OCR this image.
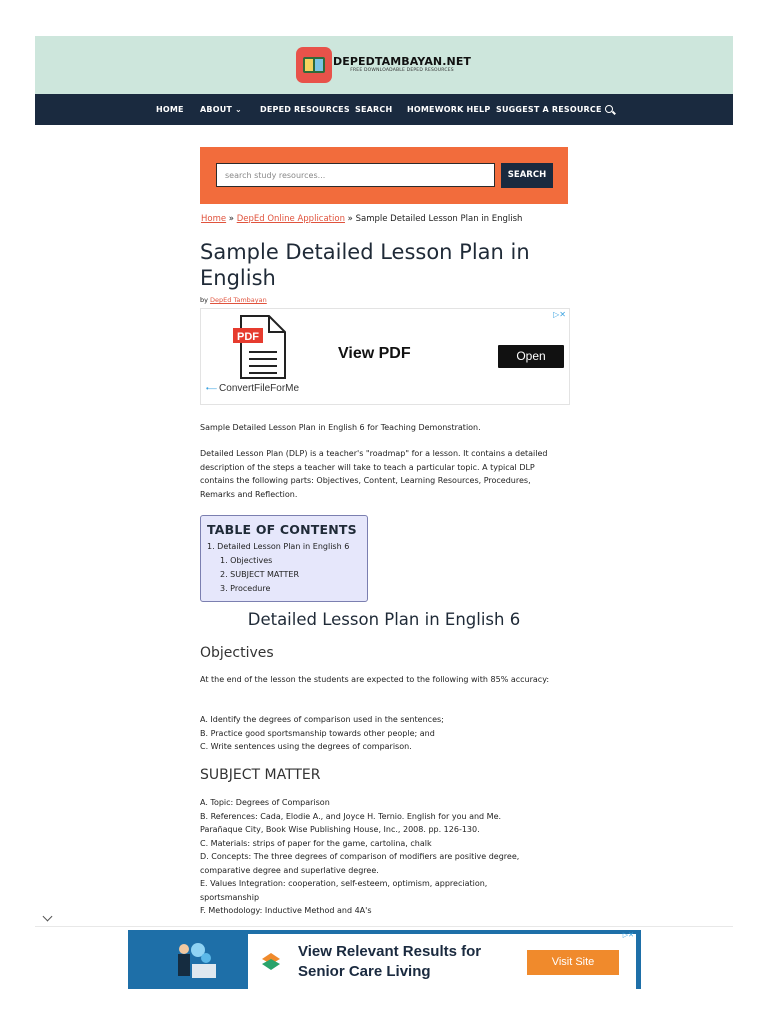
DEPEDTAMBAYAN.NET
FREE DOWNLOADABLE DEPED RESOURCES
HOME ABOUT ⌄ DEPED RESOURCES SEARCH HOMEWORK HELP SUGGEST A RESOURCE
search study resources...
SEARCH
Home » DepEd Online Application » Sample Detailed Lesson Plan in English
Sample Detailed Lesson Plan in English
by DepEd Tambayan
▷✕
PDF
View PDF	Open
•— ConvertFileForMe

Sample Detailed Lesson Plan in English 6 for Teaching Demonstration.

Detailed Lesson Plan (DLP) is a teacher's "roadmap" for a lesson. It contains a detailed description of the steps a teacher will take to teach a particular topic. A typical DLP contains the following parts: Objectives, Content, Learning Resources, Procedures, Remarks and Reflection.

TABLE OF CONTENTS
1. Detailed Lesson Plan in English 6
1. Objectives
2. SUBJECT MATTER
3. Procedure
Detailed Lesson Plan in English 6
Objectives

At the end of the lesson the students are expected to the following with 85% accuracy:

A. Identify the degrees of comparison used in the sentences;

B. Practice good sportsmanship towards other people; and

C. Write sentences using the degrees of comparison.

SUBJECT MATTER

A. Topic: Degrees of Comparison

B. References: Cada, Elodie A., and Joyce H. Ternio. English for you and Me.

Parañaque City, Book Wise Publishing House, Inc., 2008. pp. 126-130.

C. Materials: strips of paper for the game, cartolina, chalk

D. Concepts: The three degrees of comparison of modifiers are positive degree,

comparative degree and superlative degree.

E. Values Integration: cooperation, self-esteem, optimism, appreciation,

sportsmanship

F. Methodology: Inductive Method and 4A's

▷✕
View Relevant Results for
Senior Care Living
Visit Site
